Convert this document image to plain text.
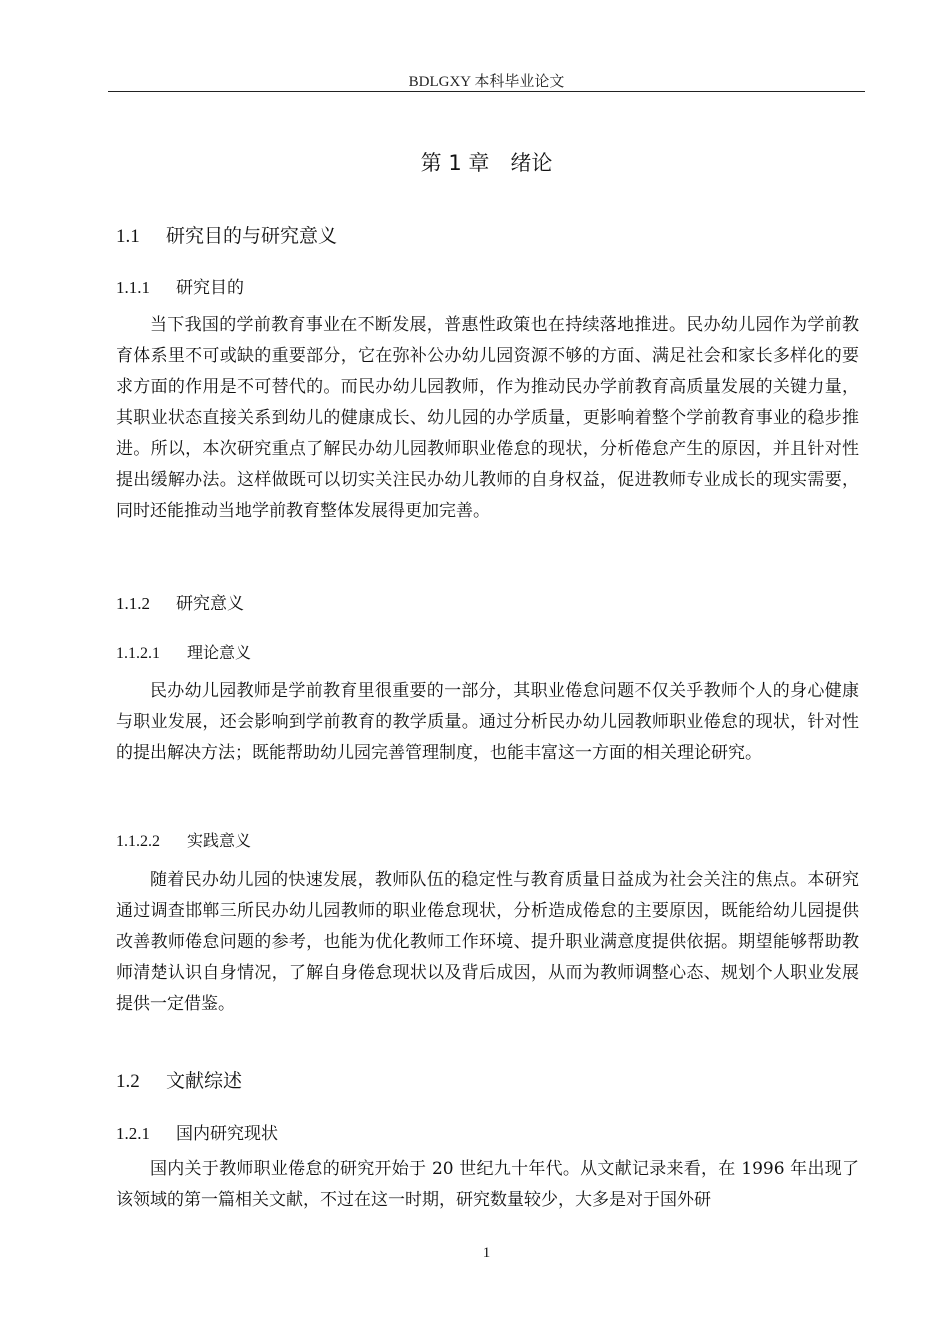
BDLGXY 本科毕业论文
第 1 章　绪论
1.1 研究目的与研究意义
1.1.1 研究目的

当下我国的学前教育事业在不断发展，普惠性政策也在持续落地推进。民办幼儿园作为学前教育体系里不可或缺的重要部分，它在弥补公办幼儿园资源不够的方面、满足社会和家长多样化的要求方面的作用是不可替代的。而民办幼儿园教师，作为推动民办学前教育高质量发展的关键力量，其职业状态直接关系到幼儿的健康成长、幼儿园的办学质量，更影响着整个学前教育事业的稳步推进。所以，本次研究重点了解民办幼儿园教师职业倦怠的现状，分析倦怠产生的原因，并且针对性提出缓解办法。这样做既可以切实关注民办幼儿教师的自身权益，促进教师专业成长的现实需要，同时还能推动当地学前教育整体发展得更加完善。

1.1.2 研究意义
1.1.2.1 理论意义

民办幼儿园教师是学前教育里很重要的一部分，其职业倦怠问题不仅关乎教师个人的身心健康与职业发展，还会影响到学前教育的教学质量。通过分析民办幼儿园教师职业倦怠的现状，针对性的提出解决方法；既能帮助幼儿园完善管理制度，也能丰富这一方面的相关理论研究。

1.1.2.2 实践意义

随着民办幼儿园的快速发展，教师队伍的稳定性与教育质量日益成为社会关注的焦点。本研究通过调查邯郸三所民办幼儿园教师的职业倦怠现状，分析造成倦怠的主要原因，既能给幼儿园提供改善教师倦怠问题的参考，也能为优化教师工作环境、提升职业满意度提供依据。期望能够帮助教师清楚认识自身情况，了解自身倦怠现状以及背后成因，从而为教师调整心态、规划个人职业发展提供一定借鉴。

1.2 文献综述
1.2.1 国内研究现状

国内关于教师职业倦怠的研究开始于 20 世纪九十年代。从文献记录来看，在 1996 年出现了该领域的第一篇相关文献，不过在这一时期，研究数量较少，大多是对于国外研

1
